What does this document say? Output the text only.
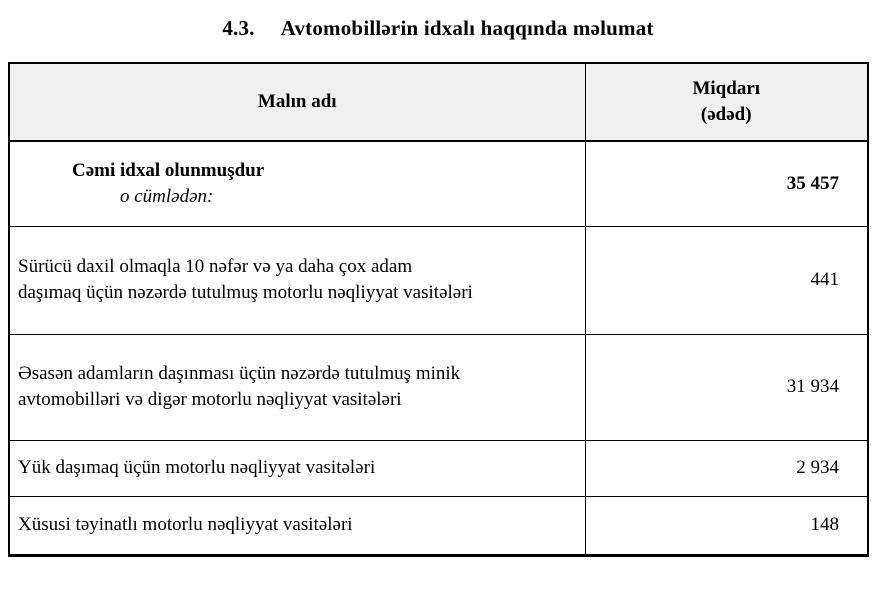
4.3. Avtomobillərin idxalı haqqında məlumat
Malın adı	Miqdarı
(ədəd)

Cəmi idxal olunmuşdur
o cümlədən:	35 457

Sürücü daxil olmaqla 10 nəfər və ya daha çox adam
daşımaq üçün nəzərdə tutulmuş motorlu nəqliyyat vasitələri	441

Əsasən adamların daşınması üçün nəzərdə tutulmuş minik
avtomobilləri və digər motorlu nəqliyyat vasitələri	31 934

Yük daşımaq üçün motorlu nəqliyyat vasitələri	2 934

Xüsusi təyinatlı motorlu nəqliyyat vasitələri	148
